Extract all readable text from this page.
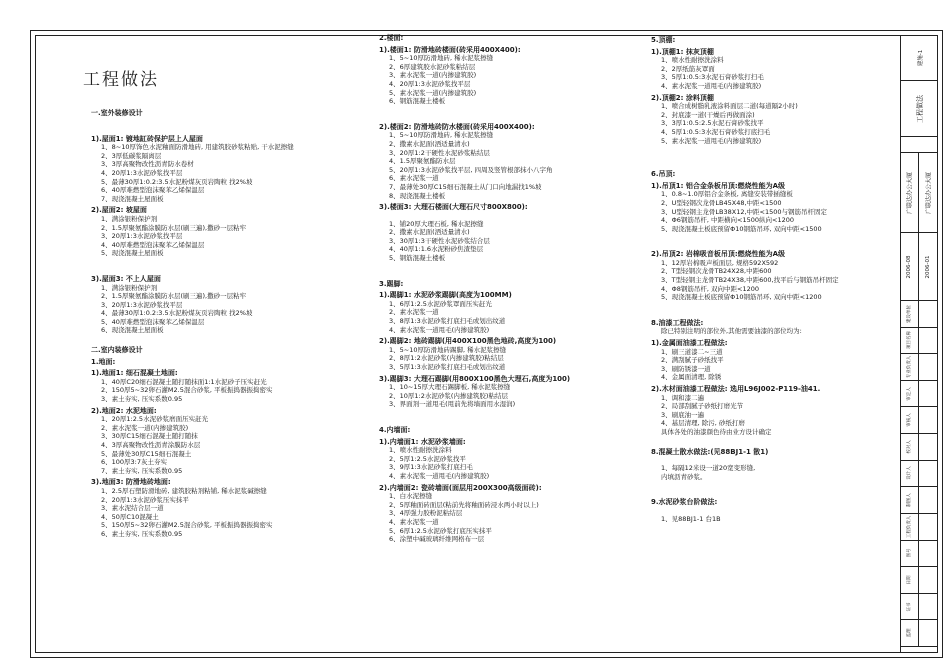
工程做法
一.室外装修设计
1).屋面1: 镀地缸砖保护层上人屋面
1、8~10厚饰色水泥釉面防滑地砖, 用建筑胶砂浆粘贴, 干水泥擦缝
2、3厚低碳浆隔离层
3、3厚高聚物改性沥青防水卷材
4、20厚1:3水泥砂浆找平层
5、最薄30厚1:0.2:3.5水泥粉煤灰页岩陶粒 找2%坡
6、40厚难燃型泡沫聚苯乙烯保温层
7、现浇混凝土屋面板
2).屋面2: 坡屋面
1、满涂银粉保护剂
2、1.5厚聚氨酯涂膜防水层(刷三遍),撒砂一层粘牢
3、20厚1:3水泥砂浆找平层
4、40厚难燃型泡沫聚苯乙烯保温层
5、现浇混凝土屋面板
3).屋面3: 不上人屋面
1、满涂银粉保护剂
2、1.5厚聚氨酯涂膜防水层(刷三遍),撒砂一层粘牢
3、20厚1:3水泥砂浆找平层
4、最薄30厚1:0.2:3.5水泥粉煤灰页岩陶粒 找2%坡
5、40厚难燃型泡沫聚苯乙烯保温层
6、现浇混凝土屋面板
二.室内装修设计
1.地面:
1).地面1: 细石混凝土地面:
1、40厚C20细石混凝土随打随抹面1:1水泥砂子压实赶光
2、150厚5~32卵石灌M2.5混合砂浆, 平板振捣器振捣密实
3、素土夯实, 压实系数0.95
2).地面2: 水泥地面:
1、20厚1:2.5水泥砂浆磨面压实赶光
2、素水泥浆一道(内掺建筑胶)
3、30厚C15细石混凝土随打随抹
4、3厚高聚物改性沥青涂膜防水层
5、最薄处30厚C15细石混凝土
6、100厚3:7灰土夯实
7、素土夯实, 压实系数0.95
3).地面3: 防滑地砖地面:
1、2.5厚石塑防滑地砖, 建筑胶粘剂粘铺, 稀水泥浆碱擦缝
2、20厚1:3水泥砂浆压实抹平
3、素水泥结合层一道
4、50厚C10混凝土
5、150厚5~32卵石灌M2.5混合砂浆, 平板振捣器振捣密实
6、素土夯实, 压实系数0.95
2.楼面:
1).楼面1: 防滑地砖楼面(砖采用400X400):
1、5~10厚防滑地砖, 稀水泥浆擦缝
2、6厚建筑胶水泥砂浆粘结层
3、素水泥浆一道(内掺建筑胶)
4、20厚1:3水泥砂浆找平层
5、素水泥浆一道(内掺建筑胶)
6、钢筋混凝土楼板
2).楼面2: 防滑地砖防水楼面(砖采用400X400):
1、5~10厚防滑地砖, 稀水泥浆擦缝
2、撒素水泥面(洒适量清水)
3、20厚1:2干硬性水泥砂浆粘结层
4、1.5厚聚氨酯防水层
5、20厚1:3水泥砂浆找平层, 四周及竖管根部抹小八字角
6、素水泥浆一道
7、最薄处30厚C15细石混凝土从门口向地漏找1%坡
8、现浇混凝土楼板
3).楼面3: 大理石楼面(大理石尺寸800X800):
1、铺20厚大理石板, 稀水泥擦缝
2、撒素水泥面(洒适量清水)
3、30厚1:3干硬性水泥砂浆结合层
4、40厚1:1.6水泥粉砂焦渣垫层
5、钢筋混凝土楼板
3.踢脚:
1).踢脚1: 水泥砂浆踢脚(高度为100MM)
1、6厚1:2.5水泥砂浆罩面压实赶光
2、素水泥浆一道
3、8厚1:3水泥砂浆打底扫毛或划出纹道
4、素水泥浆一道甩毛(内掺建筑胶)
2).踢脚2: 地砖踢脚(用400X100黑色地砖,高度为100)
1、5~10厚防滑地砖踢脚, 稀水泥浆擦缝
2、8厚1:2水泥砂浆(内掺建筑胶)粘结层
3、5厚1:3水泥砂浆打底扫毛或划出纹道
3).踢脚3: 大理石踢脚(用800X100黑色大理石,高度为100)
1、10~15厚大理石踢脚板, 稀水泥浆擦缝
2、10厚1:2水泥砂浆(内掺建筑胶)粘结层
3、界面剂一道甩毛(甩前先将墙面用水湿润)
4.内墙面:
1).内墙面1: 水泥砂浆墙面:
1、喷水性耐擦洗涂料
2、5厚1:2.5水泥砂浆找平
3、9厚1:3水泥砂浆打底扫毛
4、素水泥浆一道甩毛(内掺建筑胶)
2).内墙面2: 瓷砖墙面(面层用200X300高级面砖):
1、白水泥擦缝
2、5厚釉面砖面层(粘前先将釉面砖浸水两小时以上)
3、4厚强力胶粉泥粘结层
4、素水泥浆一道
5、6厚1:2.5水泥砂浆打底压实抹平
6、涂塑中碱玻璃纤维网格布一层
5.顶棚:
1).顶棚1: 抹灰顶棚
1、喷水性耐擦洗涂料
2、2厚纸筋灰罩面
3、5厚1:0.5:3水泥石膏砂浆打扫毛
4、素水泥浆一道甩毛(内掺建筑胶)
2).顶棚2: 涂料顶棚
1、喷合成树脂乳液涂料面层二道(每道隔2小时)
2、封底漆一道(干燥后再做面涂)
3、3厚1:0.5:2.5水泥石膏砂浆找平
4、5厚1:0.5:3水泥石膏砂浆打底扫毛
5、素水泥浆一道甩毛(内掺建筑胶)
6.吊顶:
1).吊顶1: 铝合金条板吊顶:燃烧性能为A级
1、0.8~1.0厚铝合金条板, 离缝安装带插缝板
2、U型轻钢次龙骨LB45X48,中距<1500
3、U型轻钢主龙骨LB38X12,中距<1500与钢筋吊杆固定
4、Φ6钢筋吊杆, 中距横向<1500纵向<1200
5、现浇混凝土板底预留Φ10钢筋吊环, 双向中距<1500
2).吊顶2: 岩棉吸音板吊顶:燃烧性能为A级
1、12厚岩棉吸声板面层, 规格592X592
2、T型轻钢次龙骨TB24X28,中距600
3、T型轻钢主龙骨TB24X38,中距600,找平后与钢筋吊杆固定
4、Φ8钢筋吊杆, 双向中距<1200
5、现浇混凝土板底预留Φ10钢筋吊环, 双向中距<1200
8.油漆工程做法:
除已特别注明的部位外,其他需要油漆的部位均为:
1).金属面油漆工程做法:
1、刷三道漆二~三道
2、满刮腻子砂纸找平
3、刷防锈漆一道
4、金属面清理, 除锈
2).木材面油漆工程做法: 选用L96J002-P119-油41.
1、调和漆二遍
2、局部刮腻子砂纸打磨光节
3、刷底油一遍
4、基层清理, 除污, 砂纸打磨
具体各处的油漆颜色待由业方设计确定
8.混凝土散水做法:(见88BJ1-1 散1)
1、每隔12米设一道20宽变形缝,
内填沥青砂浆。
9.水泥砂浆台阶做法:
1、见88BJ1-1 台1B
建施-1
工程做法
广联达办公大厦	广联达办公大厦
2006-08 2006-01
建设单位
项目名称
专业负责人
审定人
审核人
校对人
设计人
制图人
工程负责人
图号
日期
证书
监理
